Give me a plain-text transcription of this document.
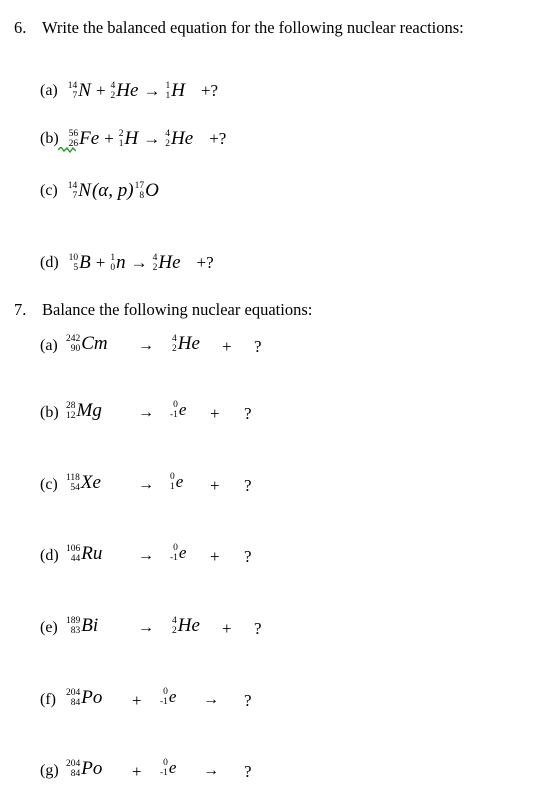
6. Write the balanced equation for the following nuclear reactions:
(a) 14
7 N + 4
2 He → 1
1 H +?
(b) 56
26 Fe + 2
1 H → 4
2 He +?
(c) 14
7 N (α, p) 17
8 O
(d) 10
5 B + 1
0 n → 4
2 He +?
7. Balance the following nuclear equations:
(a) 242
90 Cm → 4
2 He + ?
(b) 28
12 Mg → 0
-1 e + ?
(c) 118
54 Xe → 0
1 e + ?
(d) 106
44 Ru → 0
-1 e + ?
(e) 189
83 Bi → 4
2 He + ?
(f) 204
84 Po + 0
-1 e → ?
(g) 204
84 Po + 0
-1 e → ?
